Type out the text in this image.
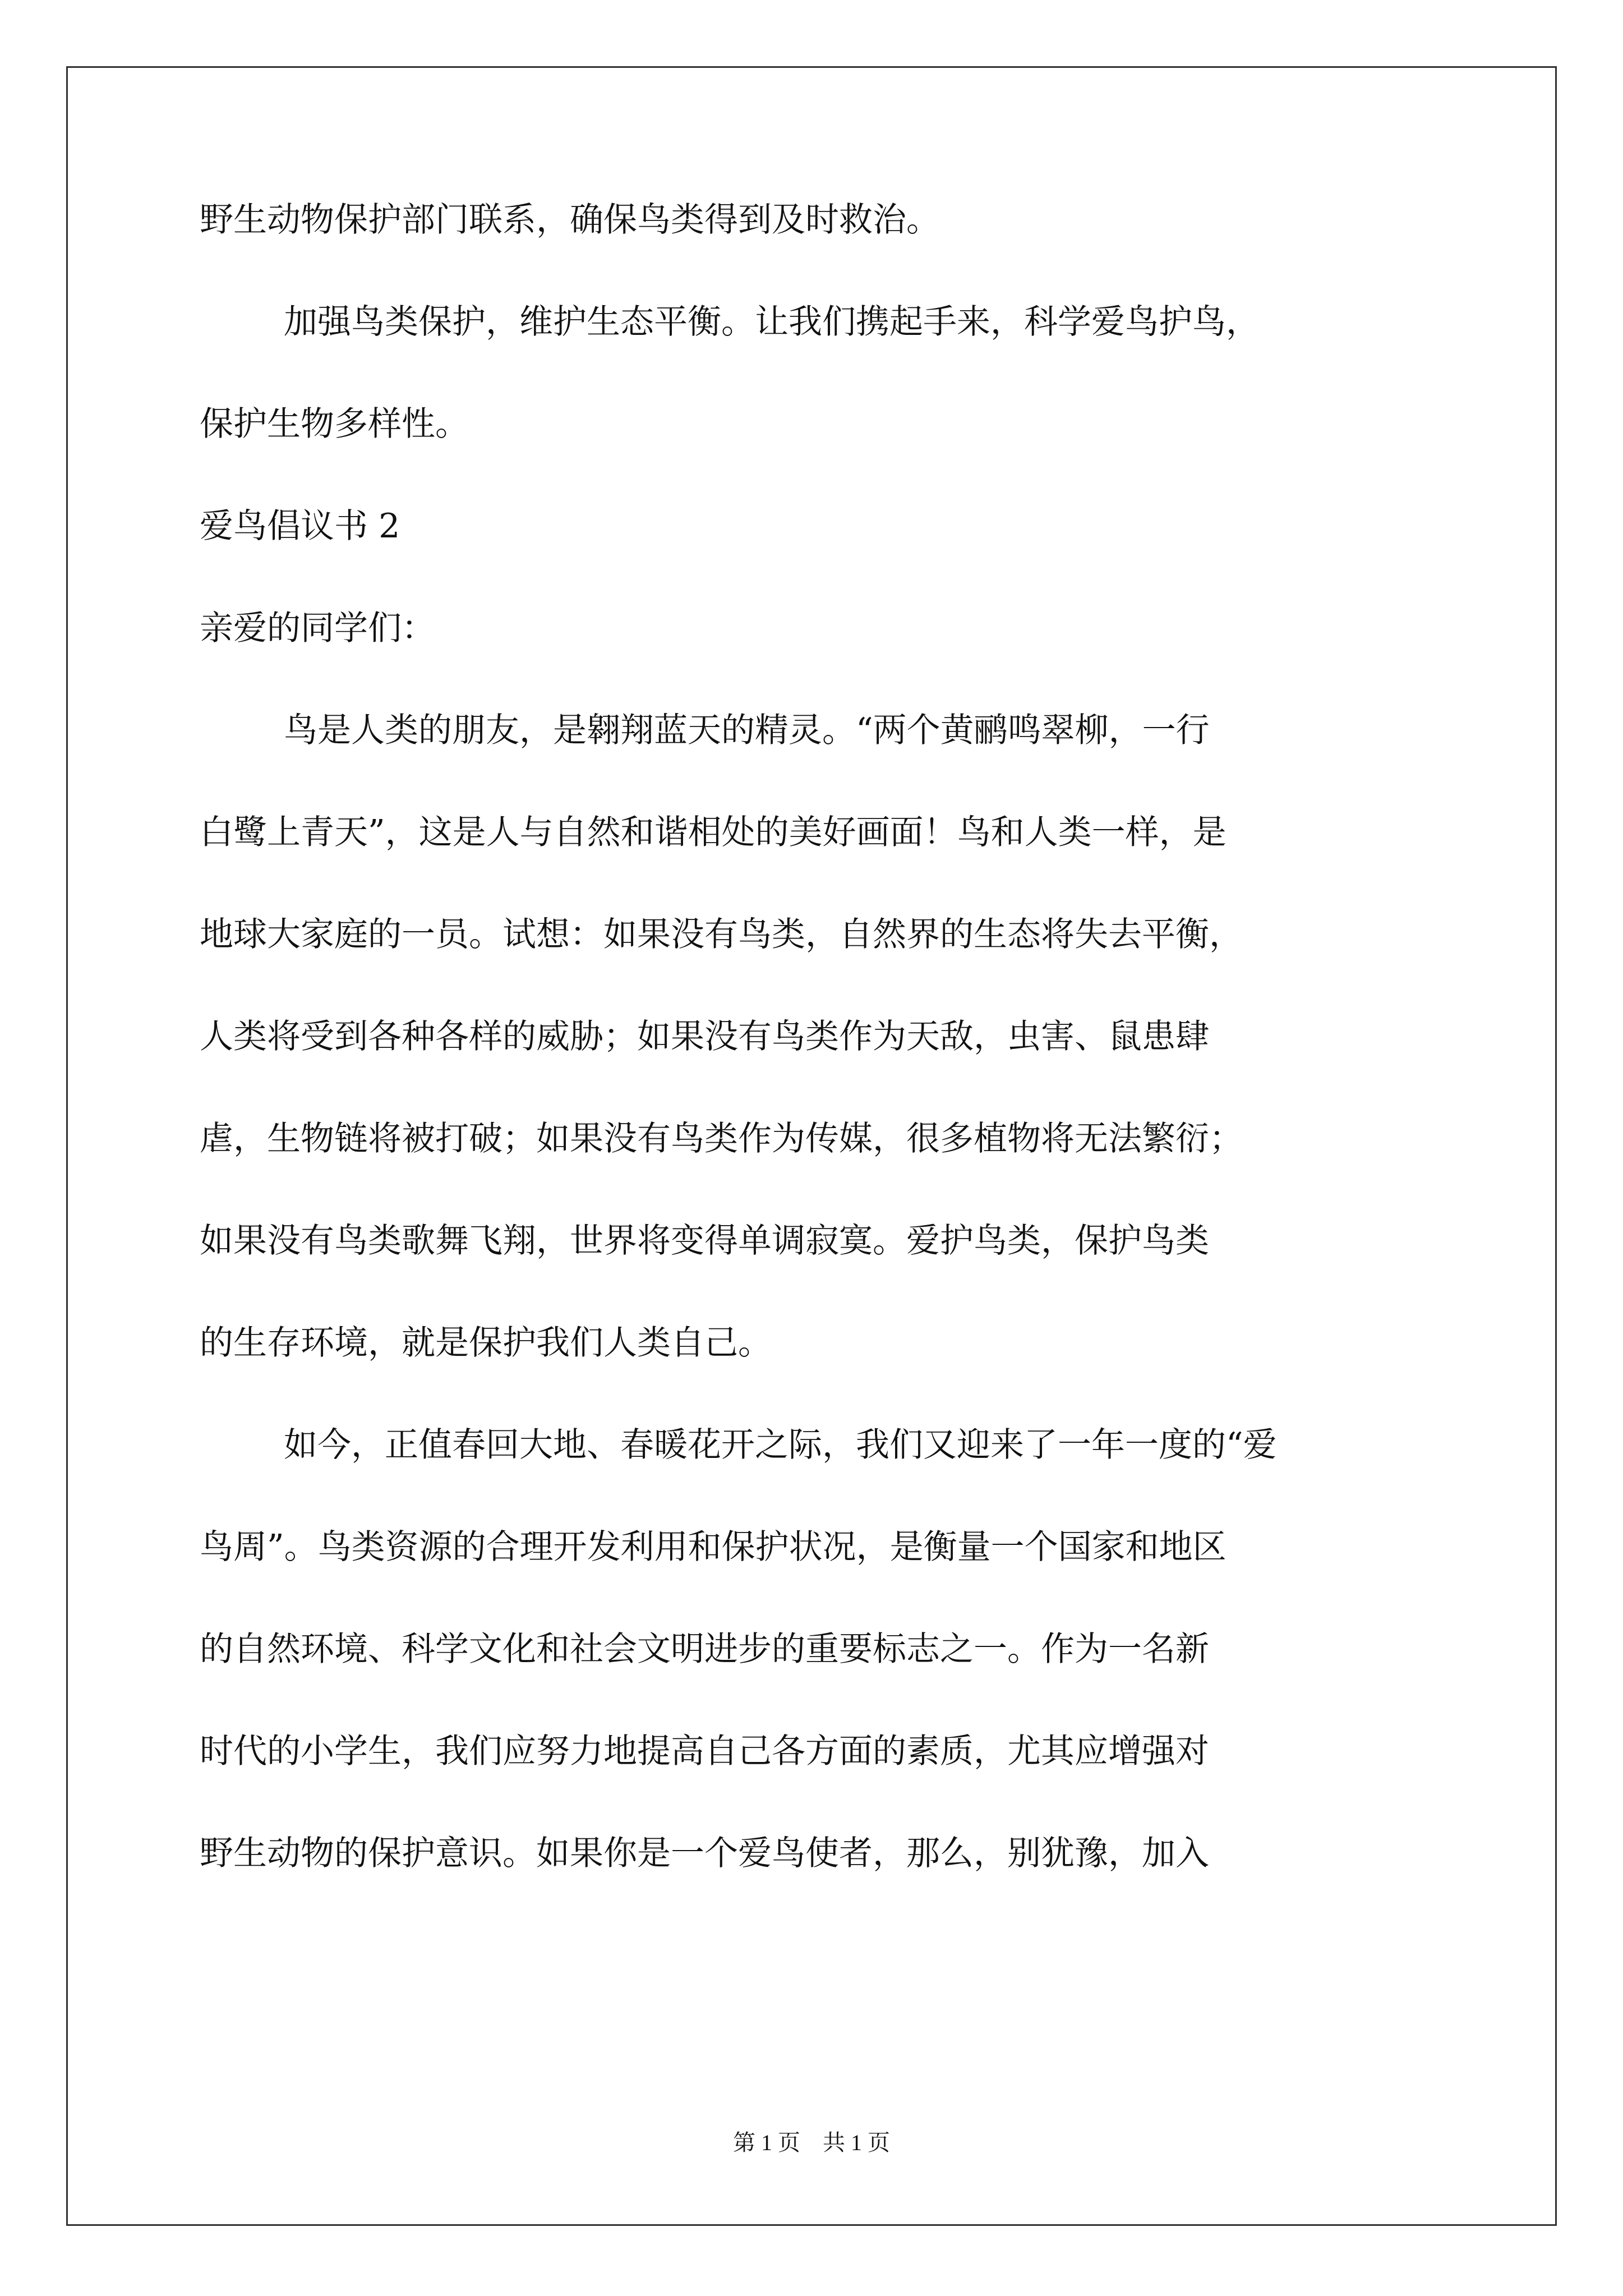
野生动物保护部门联系，确保鸟类得到及时救治。
加强鸟类保护，维护生态平衡。让我们携起手来，科学爱鸟护鸟，
保护生物多样性。
爱鸟倡议书 2
亲爱的同学们：
鸟是人类的朋友，是翱翔蓝天的精灵。“两个黄鹂鸣翠柳，一行
白鹭上青天”，这是人与自然和谐相处的美好画面！鸟和人类一样，是
地球大家庭的一员。试想：如果没有鸟类，自然界的生态将失去平衡，
人类将受到各种各样的威胁；如果没有鸟类作为天敌，虫害、鼠患肆
虐，生物链将被打破；如果没有鸟类作为传媒，很多植物将无法繁衍；
如果没有鸟类歌舞飞翔，世界将变得单调寂寞。爱护鸟类，保护鸟类
的生存环境，就是保护我们人类自己。
如今，正值春回大地、春暖花开之际，我们又迎来了一年一度的“爱
鸟周”。鸟类资源的合理开发利用和保护状况，是衡量一个国家和地区
的自然环境、科学文化和社会文明进步的重要标志之一。作为一名新
时代的小学生，我们应努力地提高自己各方面的素质，尤其应增强对
野生动物的保护意识。如果你是一个爱鸟使者，那么，别犹豫，加入
第 1 页　共 1 页
